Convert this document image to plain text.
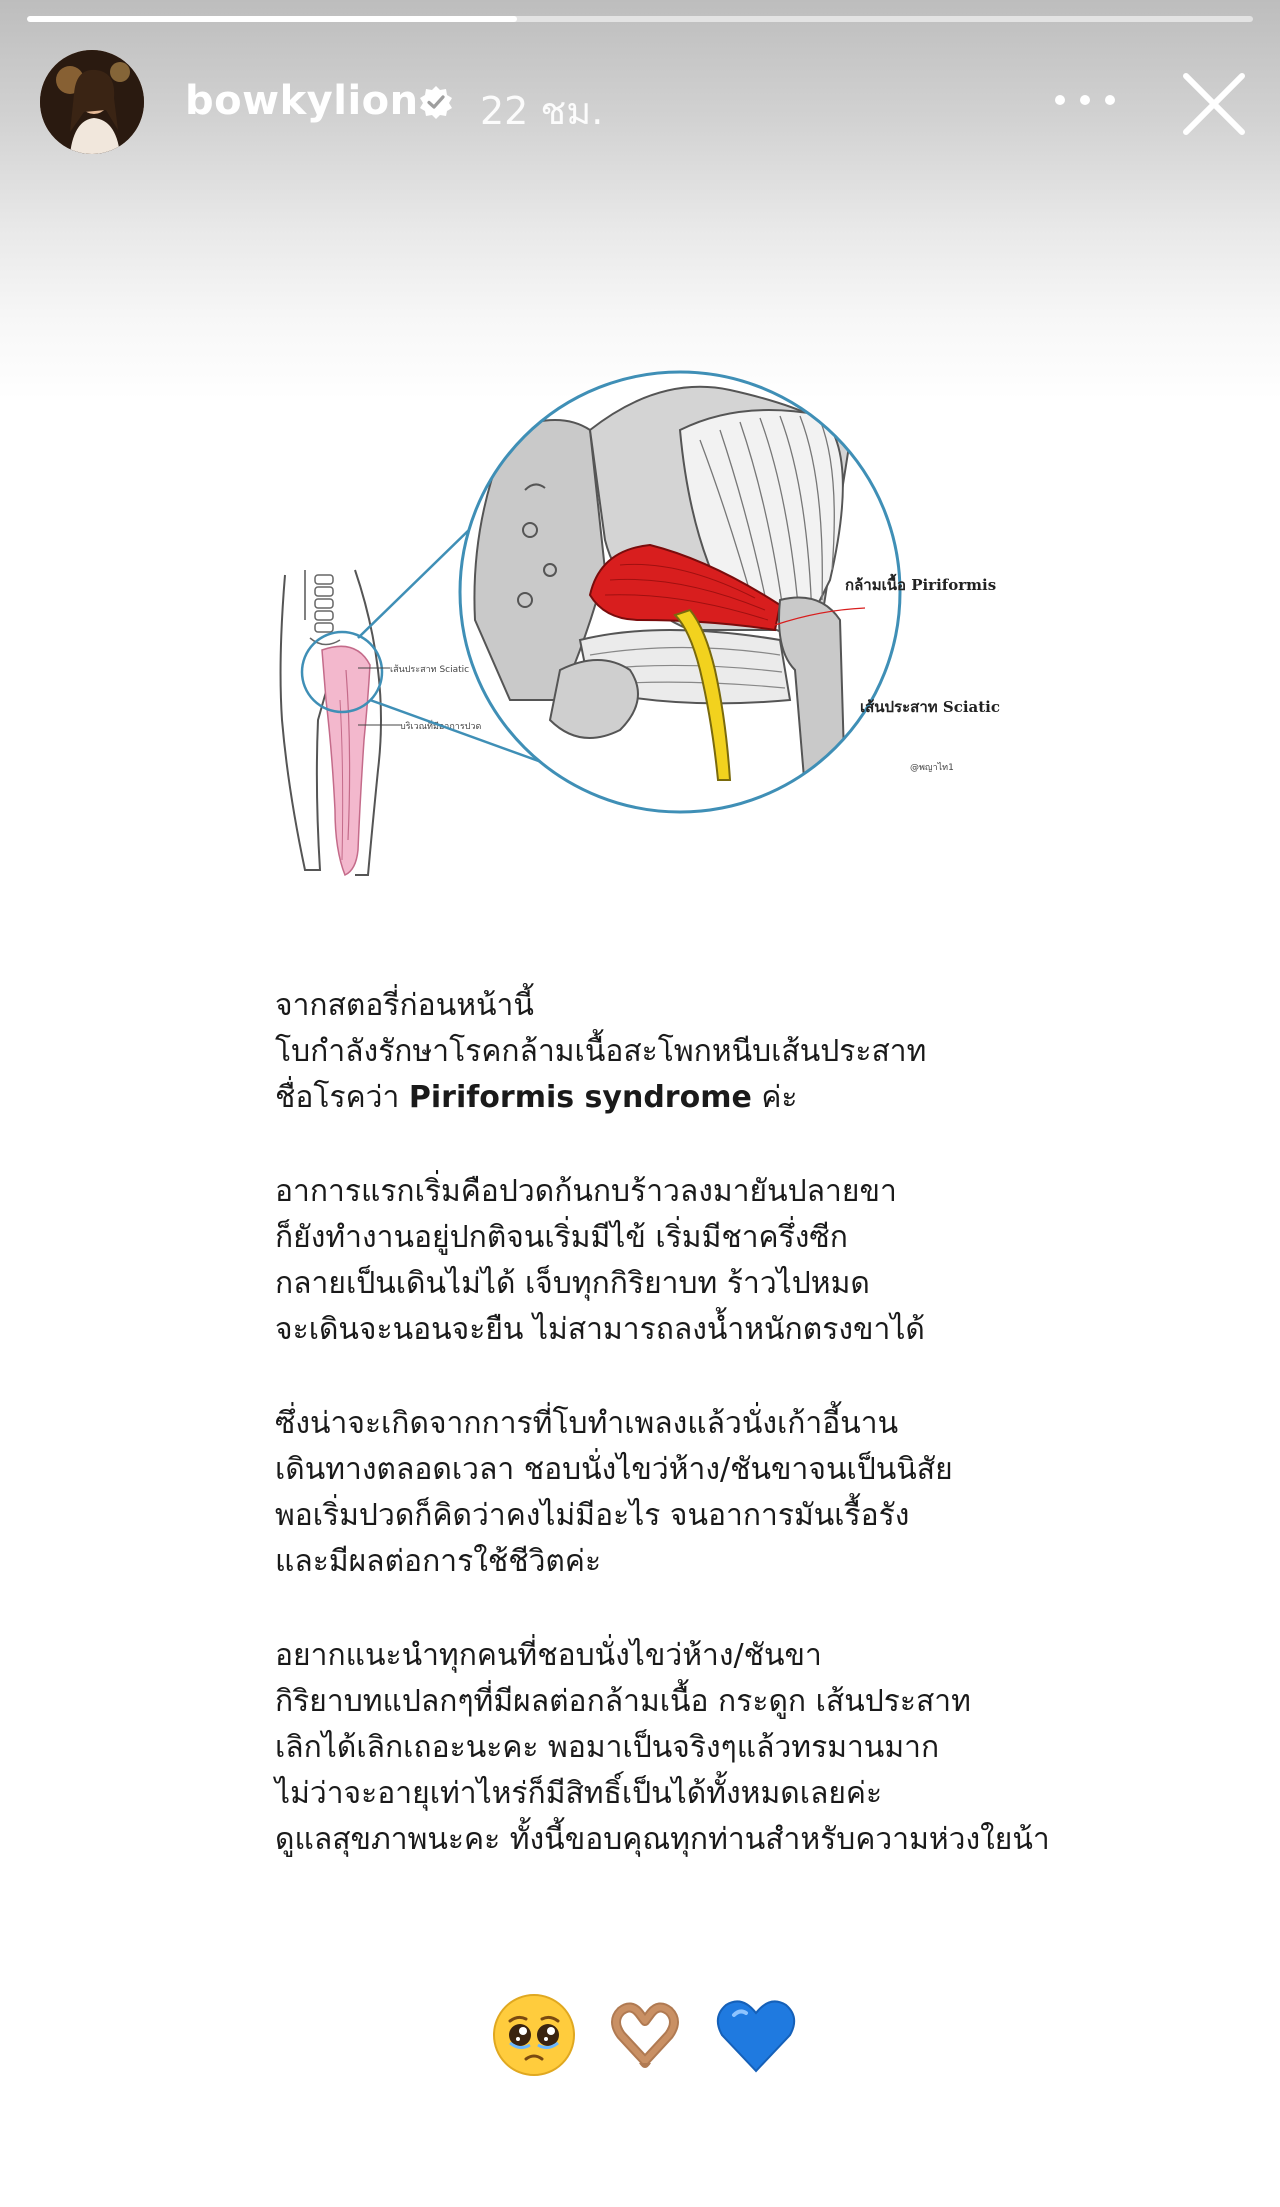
bowkylion 22 ชม.
เส้นประสาท Sciatic
บริเวณที่มีอาการปวด
กล้ามเนื้อ Piriformis
เส้นประสาท Sciatic
@พญาไท1
จากสตอรี่ก่อนหน้านี้
โบกำลังรักษาโรคกล้ามเนื้อสะโพกหนีบเส้นประสาท
ชื่อโรคว่า Piriformis syndrome ค่ะ
อาการแรกเริ่มคือปวดก้นกบร้าวลงมายันปลายขา
ก็ยังทำงานอยู่ปกติจนเริ่มมีไข้ เริ่มมีชาครึ่งซีก
กลายเป็นเดินไม่ได้ เจ็บทุกกิริยาบท ร้าวไปหมด
จะเดินจะนอนจะยืน ไม่สามารถลงน้ำหนักตรงขาได้
ซึ่งน่าจะเกิดจากการที่โบทำเพลงแล้วนั่งเก้าอี้นาน
เดินทางตลอดเวลา ชอบนั่งไขว่ห้าง/ชันขาจนเป็นนิสัย
พอเริ่มปวดก็คิดว่าคงไม่มีอะไร จนอาการมันเรื้อรัง
และมีผลต่อการใช้ชีวิตค่ะ
อยากแนะนำทุกคนที่ชอบนั่งไขว่ห้าง/ชันขา
กิริยาบทแปลกๆที่มีผลต่อกล้ามเนื้อ กระดูก เส้นประสาท
เลิกได้เลิกเถอะนะคะ พอมาเป็นจริงๆแล้วทรมานมาก
ไม่ว่าจะอายุเท่าไหร่ก็มีสิทธิ์เป็นได้ทั้งหมดเลยค่ะ
ดูแลสุขภาพนะคะ ทั้งนี้ขอบคุณทุกท่านสำหรับความห่วงใยน้า
